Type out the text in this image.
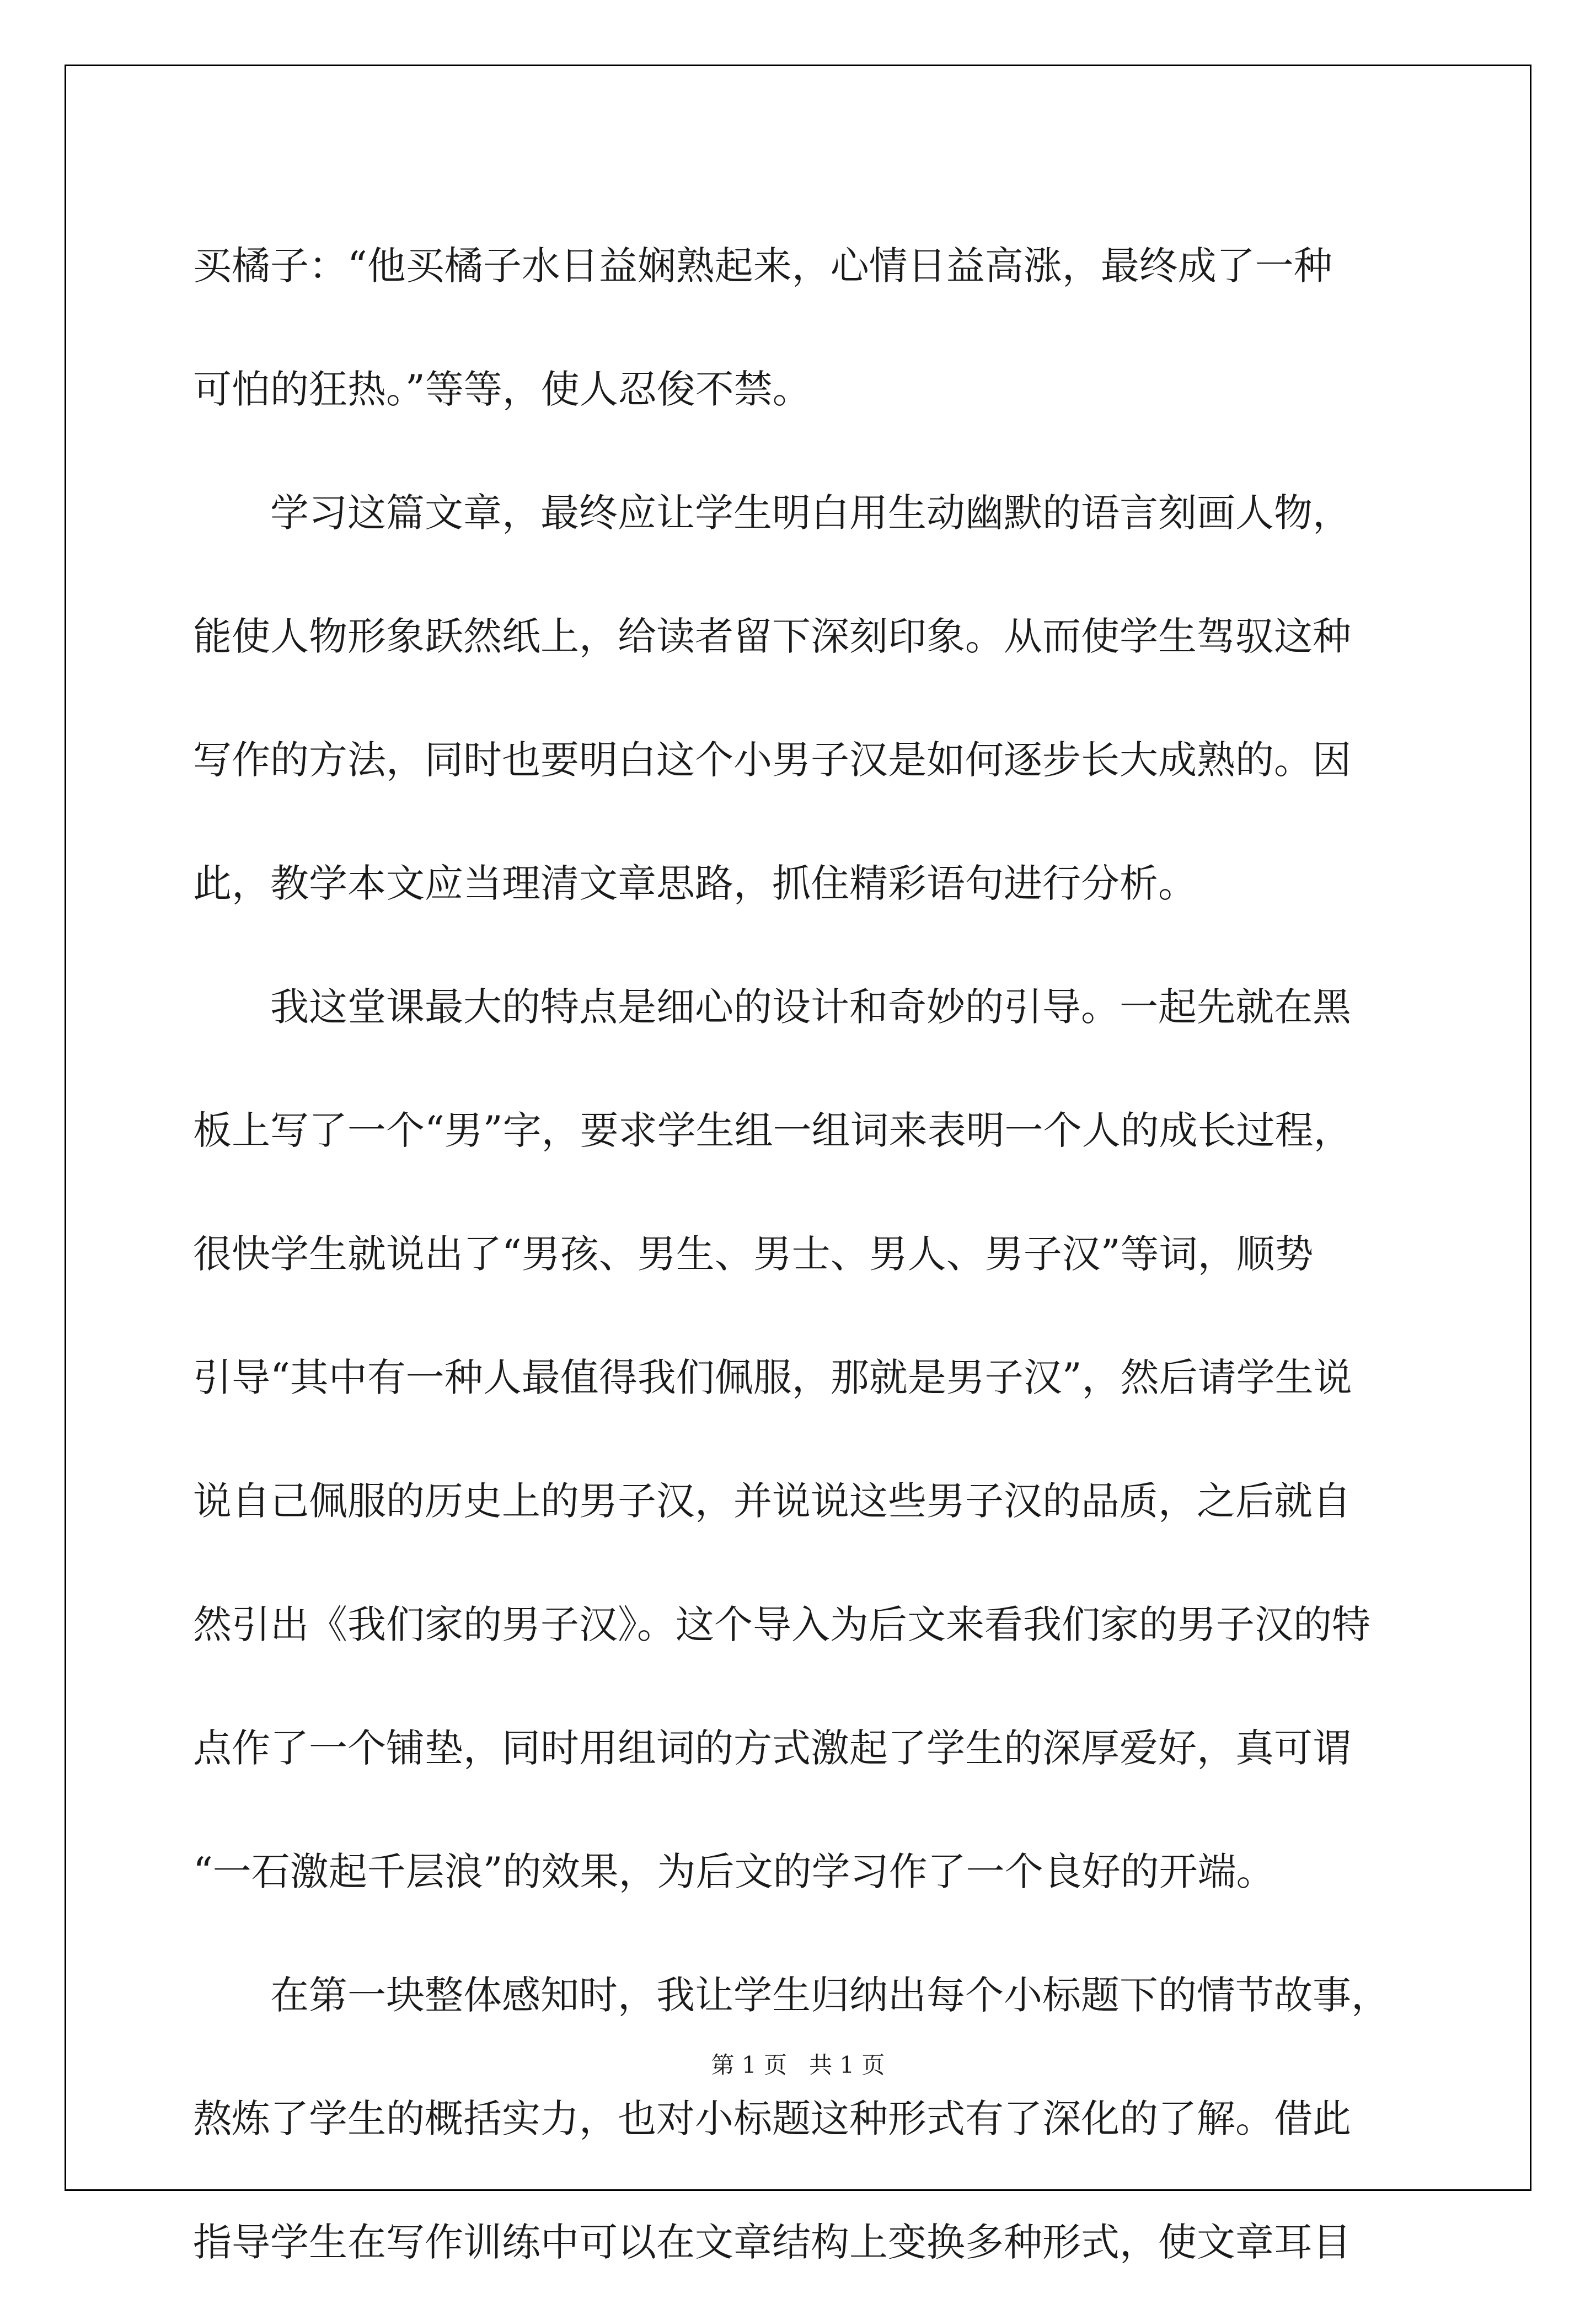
买橘子：“他买橘子水日益娴熟起来，心情日益高涨，最终成了一种
可怕的狂热。”等等，使人忍俊不禁。

学习这篇文章，最终应让学生明白用生动幽默的语言刻画人物，
能使人物形象跃然纸上，给读者留下深刻印象。从而使学生驾驭这种
写作的方法，同时也要明白这个小男子汉是如何逐步长大成熟的。因
此，教学本文应当理清文章思路，抓住精彩语句进行分析。

我这堂课最大的特点是细心的设计和奇妙的引导。一起先就在黑
板上写了一个“男”字，要求学生组一组词来表明一个人的成长过程，
很快学生就说出了“男孩、男生、男士、男人、男子汉”等词，顺势
引导“其中有一种人最值得我们佩服，那就是男子汉”，然后请学生说
说自己佩服的历史上的男子汉，并说说这些男子汉的品质，之后就自
然引出《我们家的男子汉》。这个导入为后文来看我们家的男子汉的特
点作了一个铺垫，同时用组词的方式激起了学生的深厚爱好，真可谓
“一石激起千层浪”的效果，为后文的学习作了一个良好的开端。

在第一块整体感知时，我让学生归纳出每个小标题下的情节故事，
熬炼了学生的概括实力，也对小标题这种形式有了深化的了解。借此
指导学生在写作训练中可以在文章结构上变换多种形式，使文章耳目

第 1 页 共 1 页
